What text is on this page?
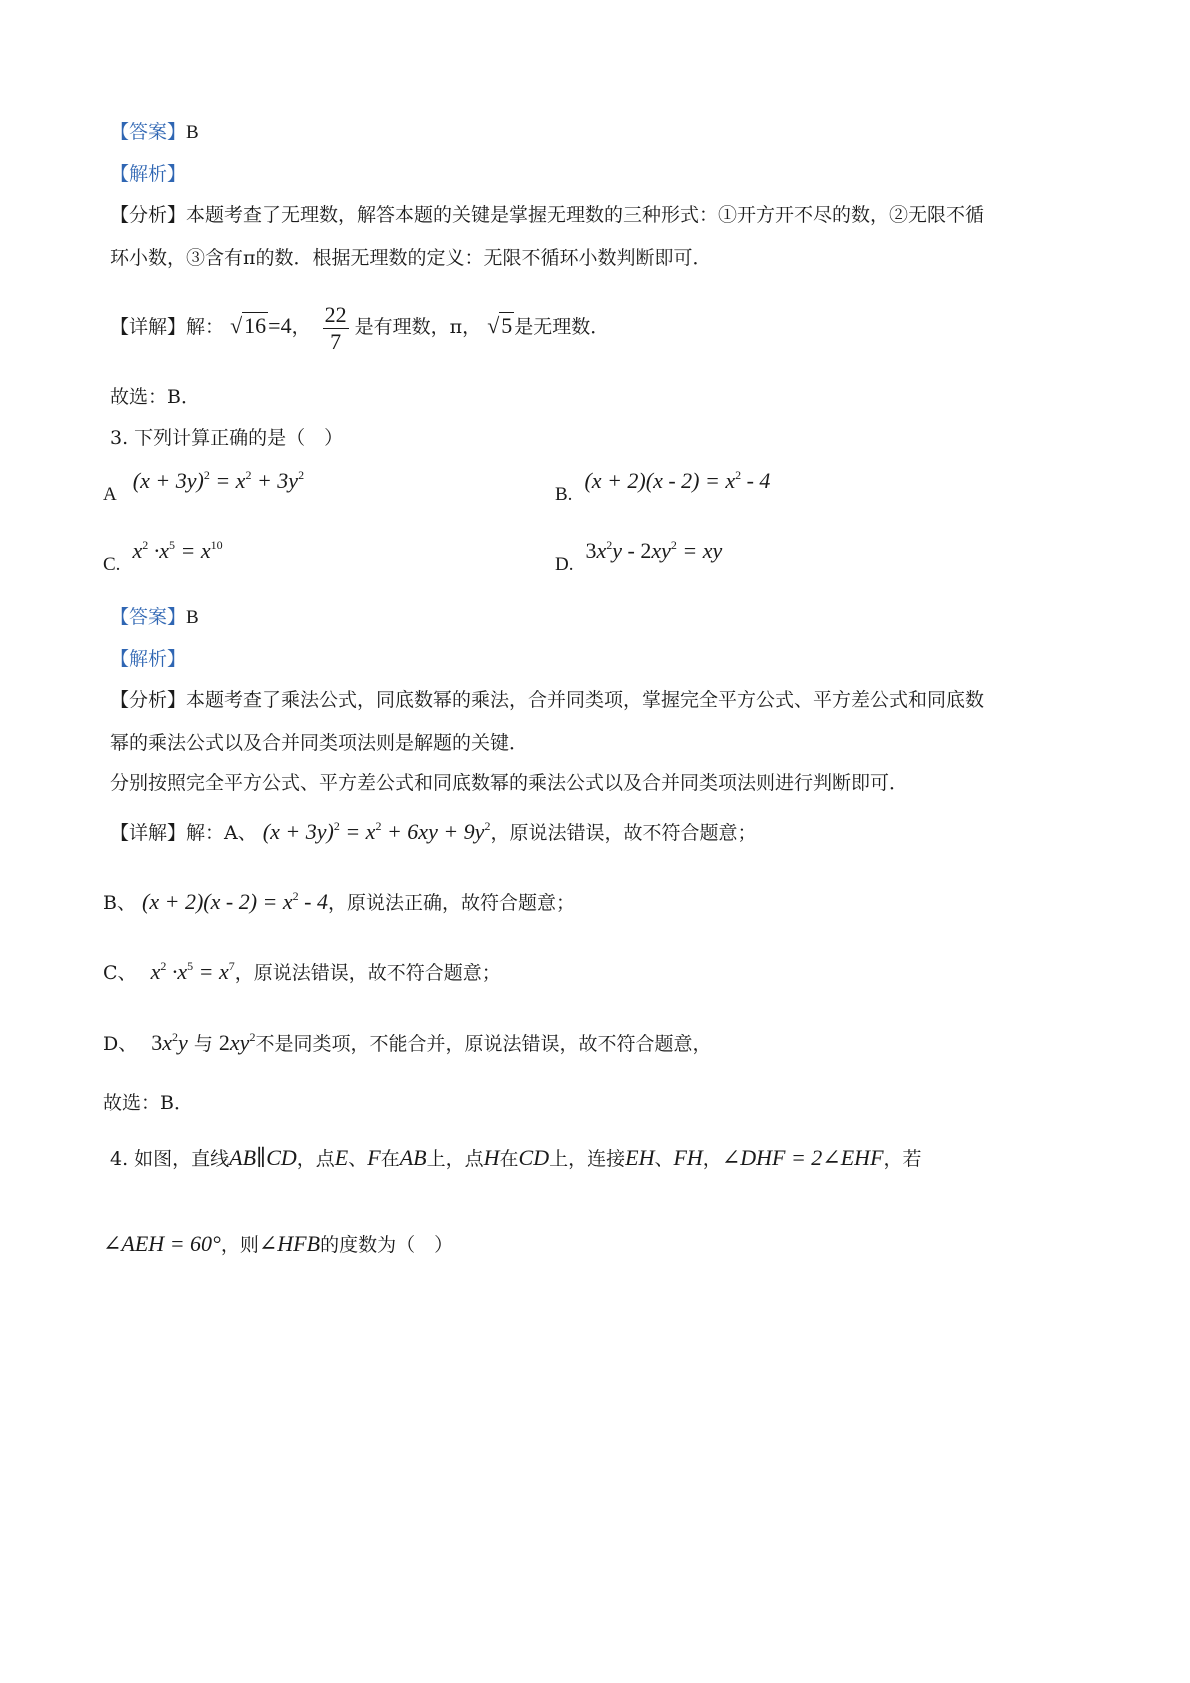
【答案】B
【解析】
【分析】本题考查了无理数，解答本题的关键是掌握无理数的三种形式：①开方开不尽的数，②无限不循
环小数，③含有π的数．根据无理数的定义：无限不循环小数判断即可．
【详解】解： √16=4， $\frac{22}{7}$ 是有理数，π， √5 是无理数．
故选：B．
3. 下列计算正确的是（　）
A $(x + 3y)^2 = x^2 + 3y^2$
B. $(x + 2)(x - 2) = x^2 - 4$
C. $x^2 \cdot x^5 = x^{10}$
D. $3x^2y - 2xy^2$ = xy
【答案】B
【解析】
【分析】本题考查了乘法公式，同底数幂的乘法，合并同类项，掌握完全平方公式、平方差公式和同底数
幂的乘法公式以及合并同类项法则是解题的关键．
分别按照完全平方公式、平方差公式和同底数幂的乘法公式以及合并同类项法则进行判断即可．
【详解】解：A、 $(x + 3y)^2 = x^2 + 6xy + 9y^2$，原说法错误，故不符合题意；
B、 $(x + 2)(x - 2) = x^2 - 4$，原说法正确，故符合题意；
C、 $x^2 \cdot x^5 = x^7$，原说法错误，故不符合题意；
D、 $3x^2y$ 与 $2xy^2$不是同类项，不能合并，原说法错误，故不符合题意，
故选：B．
4. 如图，直线AB∥CD，点E、F在AB上，点H在CD上，连接EH、FH，∠DHF = 2∠EHF，若
∠AEH = 60°，则∠HFB的度数为（　）
